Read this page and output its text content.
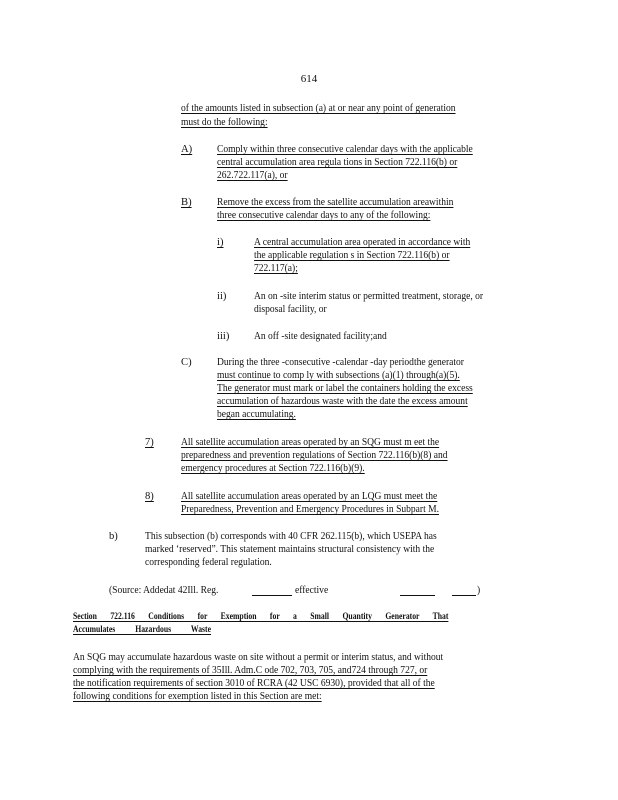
614
of the amounts listed in subsection (a) at or near any point of generation
must do the following:
A) Comply within three consecutive calendar days with the applicable
central accumulation area regula tions in Section 722.116(b) or
262.722.117(a), or
B) Remove the excess from the satellite accumulation areawithin
three consecutive calendar days to any of the following:
i)	A central accumulation area operated in accordance with
the applicable regulation s in Section 722.116(b) or
722.117(a);
ii)	An on -site interim status or permitted treatment, storage, or
disposal facility, or
iii) An off -site designated facility;and
C) During the three -consecutive -calendar -day periodthe generator
must continue to comp ly with subsections (a)(1) through(a)(5).
The generator must mark or label the containers holding the excess
accumulation of hazardous waste with the date the excess amount
began accumulating.
7)	All satellite accumulation areas operated by an SQG must m eet the
preparedness and prevention regulations of Section 722.116(b)(8) and
emergency procedures at Section 722.116(b)(9).
8)	All satellite accumulation areas operated by an LQG must meet the
Preparedness, Prevention and Emergency Procedures in Subpart M.
b)	This subsection (b) corresponds with 40 CFR 262.115(b), which USEPA has
marked ‘reserved”. This statement maintains structural consistency with the
corresponding federal regulation.
(Source: Addedat 42Ill. Reg.	effective	)
Section 722.116 Conditions for Exemption for a Small Quantity Generator That
Accumulates Hazardous Waste
An SQG may accumulate hazardous waste on site without a permit or interim status, and without
complying with the requirements of 35Ill. Adm.C ode 702, 703, 705, and724 through 727, or
the notification requirements of section 3010 of RCRA (42 USC 6930), provided that all of the
following conditions for exemption listed in this Section are met:
